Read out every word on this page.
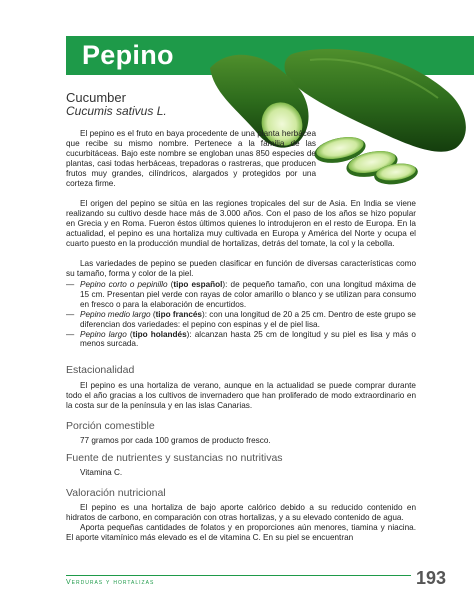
Pepino
Cucumber
Cucumis sativus L.

El pepino es el fruto en baya procedente de una planta herbácea que recibe su mismo nombre. Pertenece a la familia de las cucurbitáceas. Bajo este nombre se engloban unas 850 especies de plantas, casi todas herbáceas, trepadoras o rastreras, que producen frutos muy grandes, cilíndricos, alargados y protegidos por una corteza firme.

El origen del pepino se sitúa en las regiones tropicales del sur de Asia. En India se viene realizando su cultivo desde hace más de 3.000 años. Con el paso de los años se hizo popular en Grecia y en Roma. Fueron éstos últimos quienes lo introdujeron en el resto de Europa. En la actualidad, el pepino es una hortaliza muy cultivada en Europa y América del Norte y ocupa el cuarto puesto en la producción mundial de hortalizas, detrás del tomate, la col y la cebolla.

Las variedades de pepino se pueden clasificar en función de diversas características como su tamaño, forma y color de la piel.

— Pepino corto o pepinillo (tipo español): de pequeño tamaño, con una longitud máxima de 15 cm. Presentan piel verde con rayas de color amarillo o blanco y se utilizan para consumo en fresco o para la elaboración de encurtidos.
— Pepino medio largo (tipo francés): con una longitud de 20 a 25 cm. Dentro de este grupo se diferencian dos variedades: el pepino con espinas y el de piel lisa.
— Pepino largo (tipo holandés): alcanzan hasta 25 cm de longitud y su piel es lisa y más o menos surcada.
Estacionalidad

El pepino es una hortaliza de verano, aunque en la actualidad se puede comprar durante todo el año gracias a los cultivos de invernadero que han proliferado de modo extraordinario en la costa sur de la península y en las islas Canarias.

Porción comestible

77 gramos por cada 100 gramos de producto fresco.

Fuente de nutrientes y sustancias no nutritivas

Vitamina C.

Valoración nutricional
El pepino es una hortaliza de bajo aporte calórico debido a su reducido contenido en hidratos de carbono, en comparación con otras hortalizas, y a su elevado contenido de agua.
Aporta pequeñas cantidades de folatos y en proporciones aún menores, tiamina y niacina. El aporte vitamínico más elevado es el de vitamina C. En su piel se encuentran
Verduras y hortalizas	193
